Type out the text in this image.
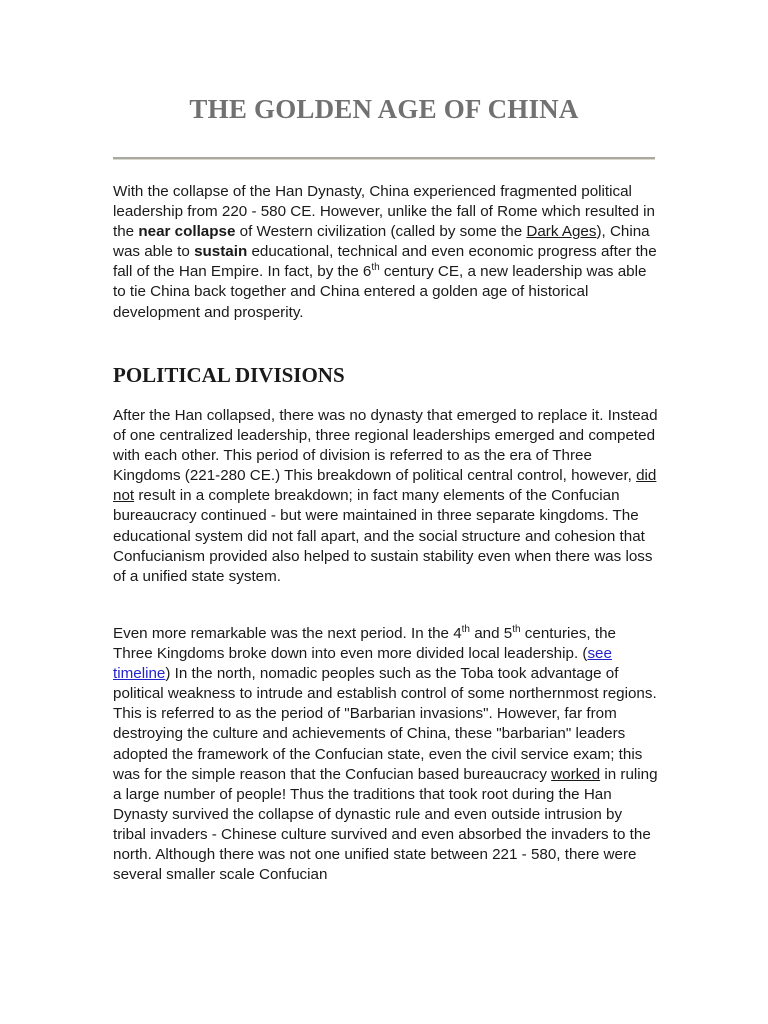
THE GOLDEN AGE OF CHINA

With the collapse of the Han Dynasty, China experienced fragmented political leadership from 220 - 580 CE. However, unlike the fall of Rome which resulted in the near collapse of Western civilization (called by some the Dark Ages), China was able to sustain educational, technical and even economic progress after the fall of the Han Empire. In fact, by the 6th century CE, a new leadership was able to tie China back together and China entered a golden age of historical development and prosperity.

POLITICAL DIVISIONS

After the Han collapsed, there was no dynasty that emerged to replace it. Instead of one centralized leadership, three regional leaderships emerged and competed with each other. This period of division is referred to as the era of Three Kingdoms (221-280 CE.) This breakdown of political central control, however, did not result in a complete breakdown; in fact many elements of the Confucian bureaucracy continued - but were maintained in three separate kingdoms. The educational system did not fall apart, and the social structure and cohesion that Confucianism provided also helped to sustain stability even when there was loss of a unified state system.

Even more remarkable was the next period. In the 4th and 5th centuries, the Three Kingdoms broke down into even more divided local leadership. (see timeline) In the north, nomadic peoples such as the Toba took advantage of political weakness to intrude and establish control of some northernmost regions. This is referred to as the period of "Barbarian invasions". However, far from destroying the culture and achievements of China, these "barbarian" leaders adopted the framework of the Confucian state, even the civil service exam; this was for the simple reason that the Confucian based bureaucracy worked in ruling a large number of people! Thus the traditions that took root during the Han Dynasty survived the collapse of dynastic rule and even outside intrusion by tribal invaders - Chinese culture survived and even absorbed the invaders to the north. Although there was not one unified state between 221 - 580, there were several smaller scale Confucian
